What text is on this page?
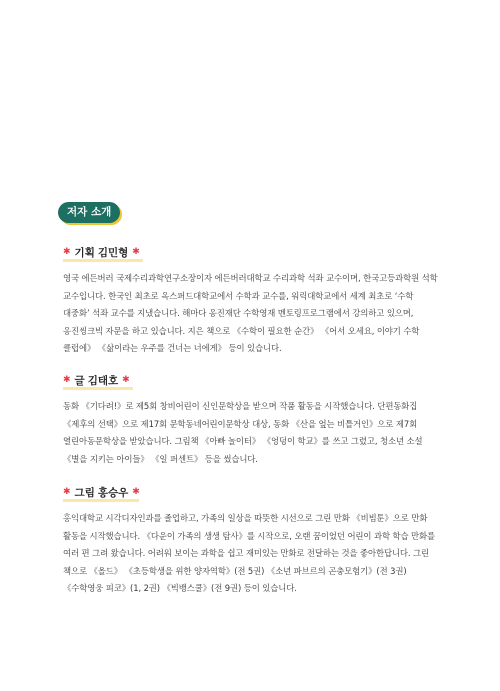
저자 소개
✱ 기획 김민형 ✱
영국 에든버러 국제수리과학연구소장이자 에든버러대학교 수리과학 석좌 교수이며, 한국고등과학원 석학 교수입니다. 한국인 최초로 옥스퍼드대학교에서 수학과 교수를, 워릭대학교에서 세계 최초로 ‘수학 대중화’ 석좌 교수를 지냈습니다. 해마다 옹진재단 수학영재 멘토링프로그램에서 강의하고 있으며, 옹진씽크빅 자문을 하고 있습니다. 지은 책으로 《수학이 필요한 순간》 《어서 오세요, 이야기 수학 클럽에》 《삶이라는 우주를 건너는 너에게》 등이 있습니다.
✱ 글 김태호 ✱
동화 《기다려!》로 제5회 창비어린이 신인문학상을 받으며 작품 활동을 시작했습니다. 단편동화집 《제후의 선택》으로 제17회 문학동네어린이문학상 대상, 동화 《산을 엎는 비틀거인》으로 제7회 열린아동문학상을 받았습니다. 그림책 《아빠 놀이터》 《엉덩이 학교》를 쓰고 그렸고, 청소년 소설 《별을 지키는 아이들》 《일 퍼센트》 등을 썼습니다.
✱ 그림 홍승우 ✱
홍익대학교 시각디자인과를 졸업하고, 가족의 일상을 따뜻한 시선으로 그린 만화 《비빔툰》으로 만화 활동을 시작했습니다. 《다운이 가족의 생생 탐사》를 시작으로, 오랜 꿈이었던 어린이 과학 학습 만화를 여러 편 그려 왔습니다. 어려워 보이는 과학을 쉽고 재미있는 만화로 전달하는 것을 좋아한답니다. 그린 책으로 《올드》 《초등학생을 위한 양자역학》(전 5권) 《소년 파브르의 곤충모험기》(전 3권) 《수학영웅 피코》(1, 2권) 《빅뱅스쿨》(전 9권) 등이 있습니다.
